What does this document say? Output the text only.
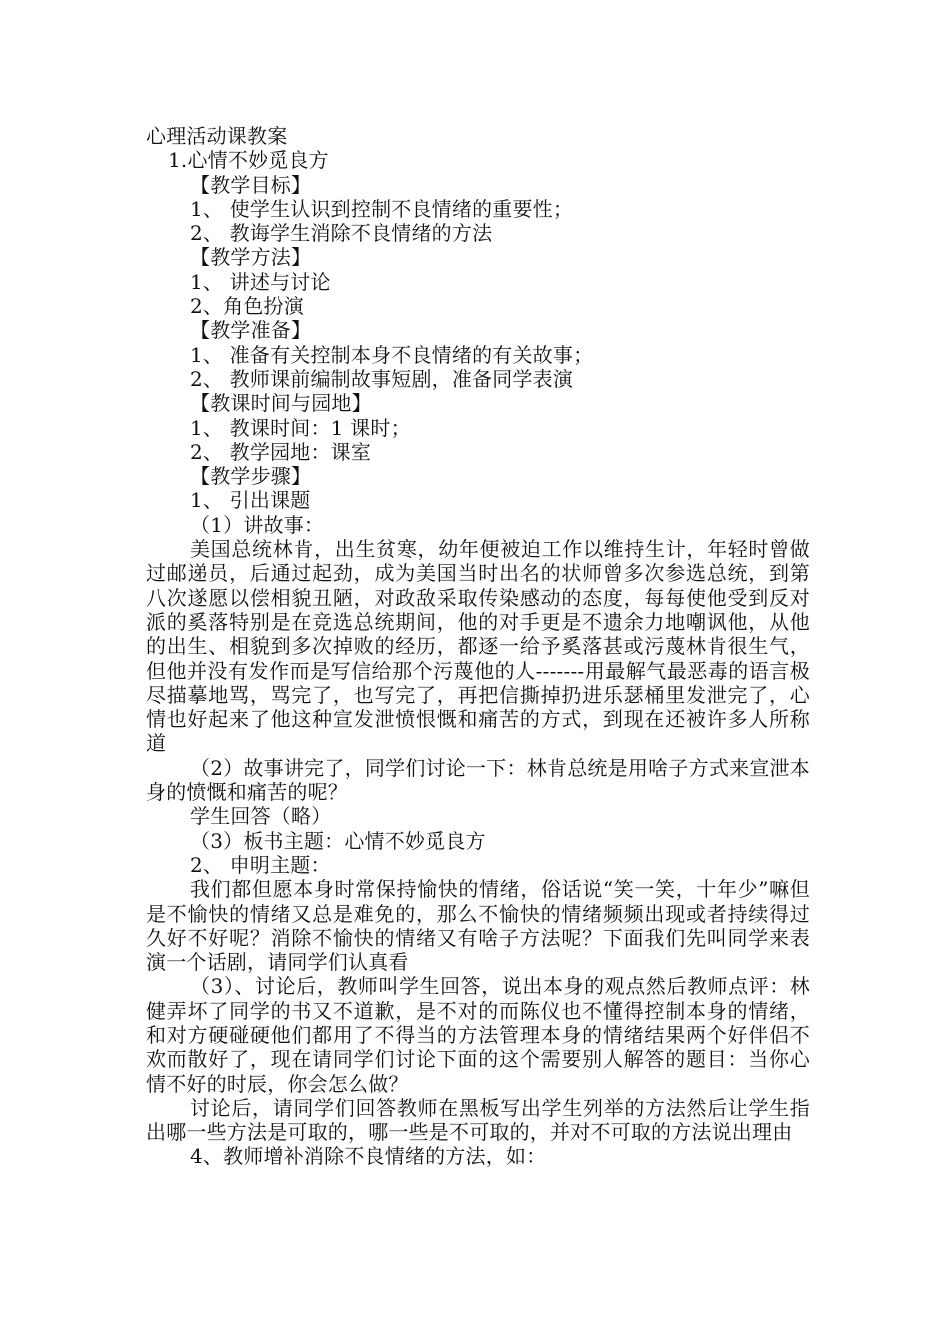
心理活动课教案
1.心情不妙觅良方
【教学目标】
1、 使学生认识到控制不良情绪的重要性；
2、 教诲学生消除不良情绪的方法
【教学方法】
1、 讲述与讨论
2、角色扮演
【教学准备】
1、 准备有关控制本身不良情绪的有关故事；
2、 教师课前编制故事短剧，准备同学表演
【教课时间与园地】
1、 教课时间：1 课时；
2、 教学园地：课室
【教学步骤】
1、 引出课题
（1）讲故事：

美国总统林肯，出生贫寒，幼年便被迫工作以维持生计，年轻时曾做过邮递员，后通过起劲，成为美国当时出名的状师曾多次参选总统，到第八次遂愿以偿相貌丑陋，对政敌采取传染感动的态度，每每使他受到反对派的奚落特别是在竞选总统期间，他的对手更是不遗余力地嘲讽他，从他的出生、相貌到多次掉败的经历，都逐一给予奚落甚或污蔑林肯很生气，但他并没有发作而是写信给那个污蔑他的人-------用最解气最恶毒的语言极尽描摹地骂，骂完了，也写完了，再把信撕掉扔进乐瑟桶里发泄完了，心情也好起来了他这种宣发泄愤恨慨和痛苦的方式，到现在还被许多人所称道

（2）故事讲完了，同学们讨论一下：林肯总统是用啥子方式来宣泄本身的愤慨和痛苦的呢？

学生回答（略）
（3）板书主题：心情不妙觅良方
2、 申明主题：

我们都但愿本身时常保持愉快的情绪，俗话说“笑一笑，十年少”嘛但是不愉快的情绪又总是难免的，那么不愉快的情绪频频出现或者持续得过久好不好呢？消除不愉快的情绪又有啥子方法呢？下面我们先叫同学来表演一个话剧，请同学们认真看

（3）、讨论后，教师叫学生回答，说出本身的观点然后教师点评：林健弄坏了同学的书又不道歉，是不对的而陈仪也不懂得控制本身的情绪，和对方硬碰硬他们都用了不得当的方法管理本身的情绪结果两个好伴侣不欢而散好了，现在请同学们讨论下面的这个需要别人解答的题目：当你心情不好的时辰，你会怎么做？

讨论后，请同学们回答教师在黑板写出学生列举的方法然后让学生指出哪一些方法是可取的，哪一些是不可取的，并对不可取的方法说出理由

4、教师增补消除不良情绪的方法，如：
